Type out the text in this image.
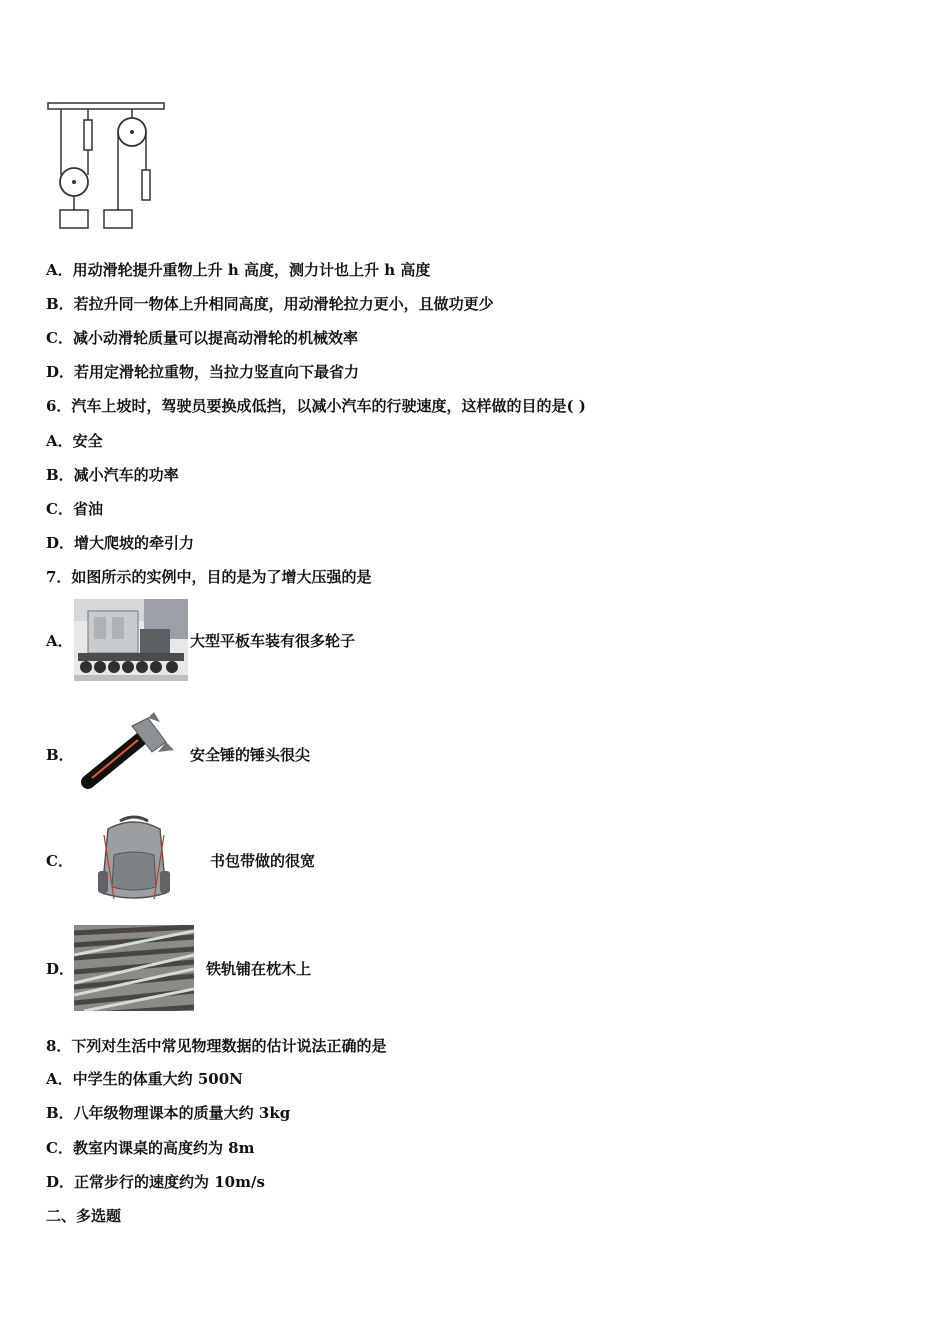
A．用动滑轮提升重物上升 h 高度，测力计也上升 h 高度
B．若拉升同一物体上升相同高度，用动滑轮拉力更小，且做功更少
C．减小动滑轮质量可以提高动滑轮的机械效率
D．若用定滑轮拉重物，当拉力竖直向下最省力
6．汽车上坡时，驾驶员要换成低挡，以减小汽车的行驶速度，这样做的目的是( )
A．安全
B．减小汽车的功率
C．省油
D．增大爬坡的牵引力
7．如图所示的实例中，目的是为了增大压强的是
A．	大型平板车装有很多轮子
B．	安全锤的锤头很尖
C．	书包带做的很宽
D．	铁轨铺在枕木上
8．下列对生活中常见物理数据的估计说法正确的是
A．中学生的体重大约 500N
B．八年级物理课本的质量大约 3kg
C．教室内课桌的高度约为 8m
D．正常步行的速度约为 10m/s
二、多选题
